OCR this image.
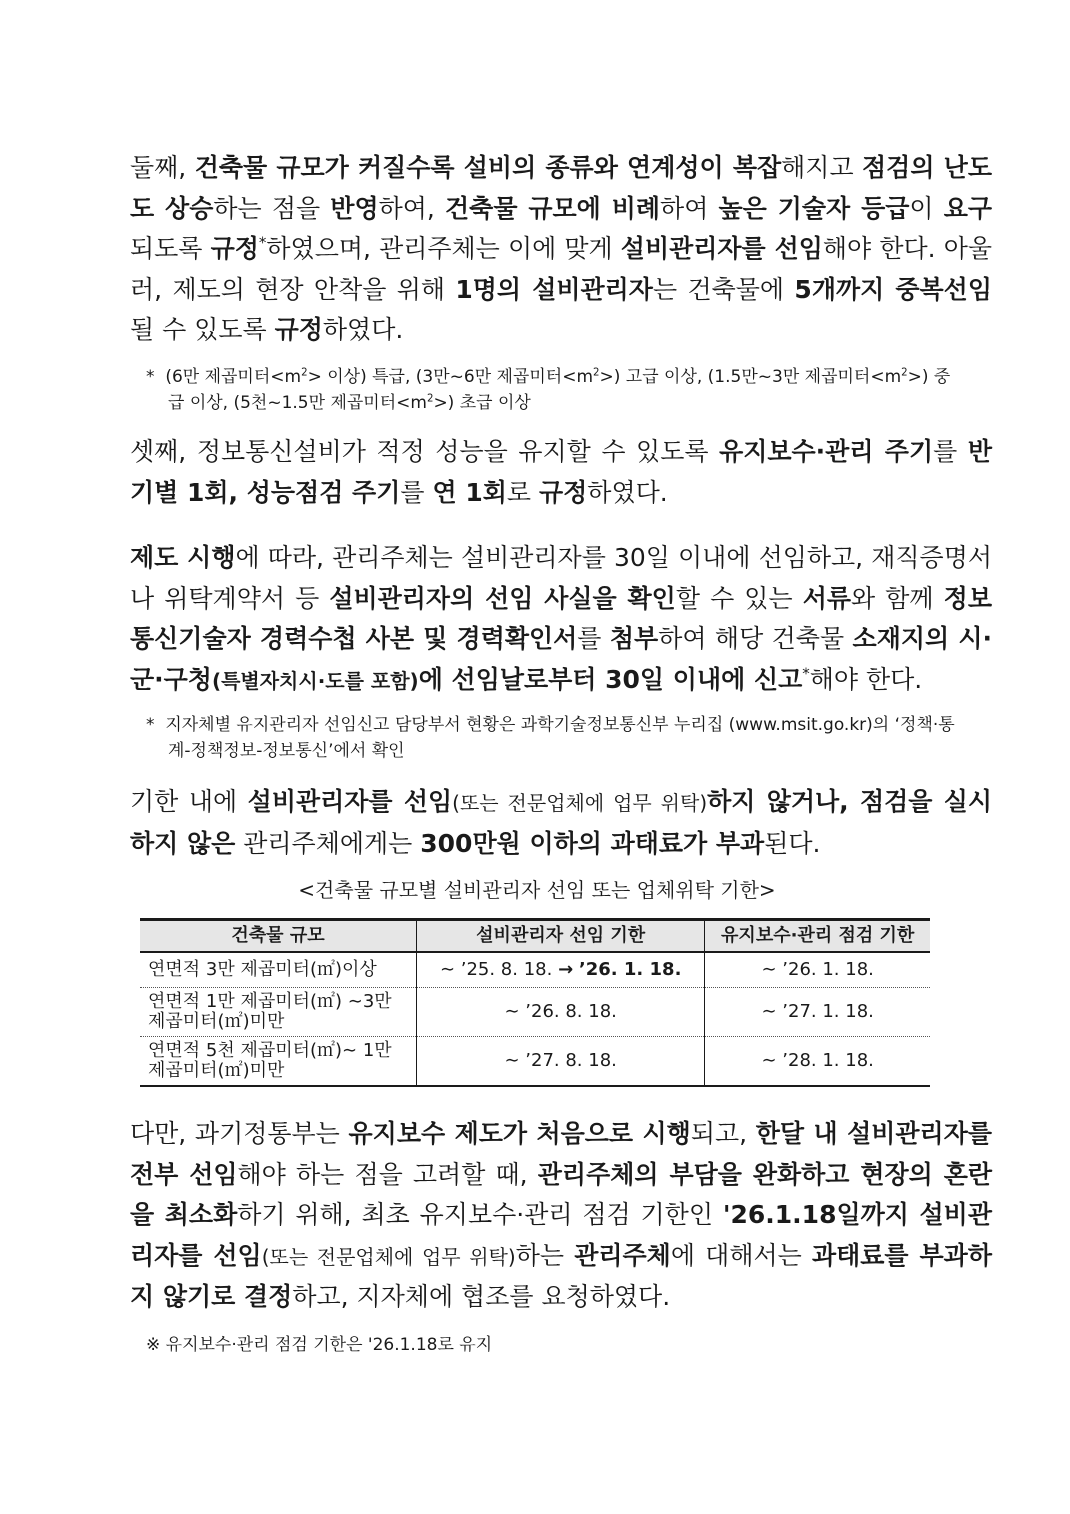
둘째, 건축물 규모가 커질수록 설비의 종류와 연계성이 복잡해지고 점검의 난도도 상승하는 점을 반영하여, 건축물 규모에 비례하여 높은 기술자 등급이 요구되도록 규정*하였으며, 관리주체는 이에 맞게 설비관리자를 선임해야 한다. 아울러, 제도의 현장 안착을 위해 1명의 설비관리자는 건축물에 5개까지 중복선임될 수 있도록 규정하였다.

* (6만 제곱미터$<m^2>$ 이상) 특급, (3만~6만 제곱미터$<m^2>$) 고급 이상, (1.5만~3만 제곱미터$<m^2>$) 중급 이상, (5천~1.5만 제곱미터$<m^2>$) 초급 이상

셋째, 정보통신설비가 적정 성능을 유지할 수 있도록 유지보수·관리 주기를 반기별 1회, 성능점검 주기를 연 1회로 규정하였다.

제도 시행에 따라, 관리주체는 설비관리자를 30일 이내에 선임하고, 재직증명서나 위탁계약서 등 설비관리자의 선임 사실을 확인할 수 있는 서류와 함께 정보통신기술자 경력수첩 사본 및 경력확인서를 첨부하여 해당 건축물 소재지의 시·군·구청(특별자치시·도를 포함)에 선임날로부터 30일 이내에 신고*해야 한다.

* 지자체별 유지관리자 선임신고 담당부서 현황은 과학기술정보통신부 누리집 (www.msit.go.kr)의 ‘정책·통계-정책정보-정보통신’에서 확인

기한 내에 설비관리자를 선임(또는 전문업체에 업무 위탁)하지 않거나, 점검을 실시하지 않은 관리주체에게는 300만원 이하의 과태료가 부과된다.

<건축물 규모별 설비관리자 선임 또는 업체위탁 기한>

건축물 규모	설비관리자 선임 기한	유지보수·관리 점검 기한
연면적 3만 제곱미터(㎡)이상	∼ ’25. 8. 18. → ’26. 1. 18.	∼ ’26. 1. 18.
연면적 1만 제곱미터(㎡) ∼3만 제곱미터(㎡)미만	∼ ’26. 8. 18.	∼ ’27. 1. 18.
연면적 5천 제곱미터(㎡)∼ 1만 제곱미터(㎡)미만	∼ ’27. 8. 18.	∼ ’28. 1. 18.

다만, 과기정통부는 유지보수 제도가 처음으로 시행되고, 한달 내 설비관리자를 전부 선임해야 하는 점을 고려할 때, 관리주체의 부담을 완화하고 현장의 혼란을 최소화하기 위해, 최초 유지보수·관리 점검 기한인 '26.1.18일까지 설비관리자를 선임(또는 전문업체에 업무 위탁)하는 관리주체에 대해서는 과태료를 부과하지 않기로 결정하고, 지자체에 협조를 요청하였다.

※ 유지보수·관리 점검 기한은 '26.1.18로 유지
